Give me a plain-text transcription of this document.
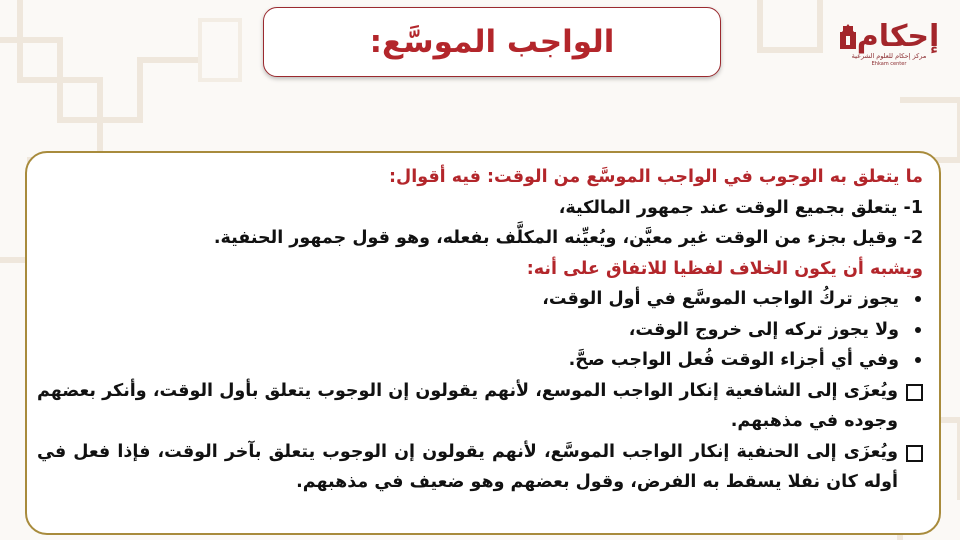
الواجب الموسَّع:	إحكام
مركز إحكام للعلوم الشرعية
Ehkam center
ما يتعلق به الوجوب في الواجب الموسَّع من الوقت: فيه أقوال:
1- يتعلق بجميع الوقت عند جمهور المالكية،
2- وقيل بجزء من الوقت غير معيَّن، ويُعيِّنه المكلَّف بفعله، وهو قول جمهور الحنفية.
ويشبه أن يكون الخلاف لفظيا للاتفاق على أنه:
يجوز تركُ الواجب الموسَّع في أول الوقت،
ولا يجوز تركه إلى خروج الوقت،
وفي أي أجزاء الوقت فُعل الواجب صحَّ.
ويُعزَى إلى الشافعية إنكار الواجب الموسع، لأنهم يقولون إن الوجوب يتعلق بأول الوقت، وأنكر بعضهم وجوده في مذهبهم.
ويُعزَى إلى الحنفية إنكار الواجب الموسَّع، لأنهم يقولون إن الوجوب يتعلق بآخر الوقت، فإذا فعل في أوله كان نفلا يسقط به الفرض، وقول بعضهم وهو ضعيف في مذهبهم.
